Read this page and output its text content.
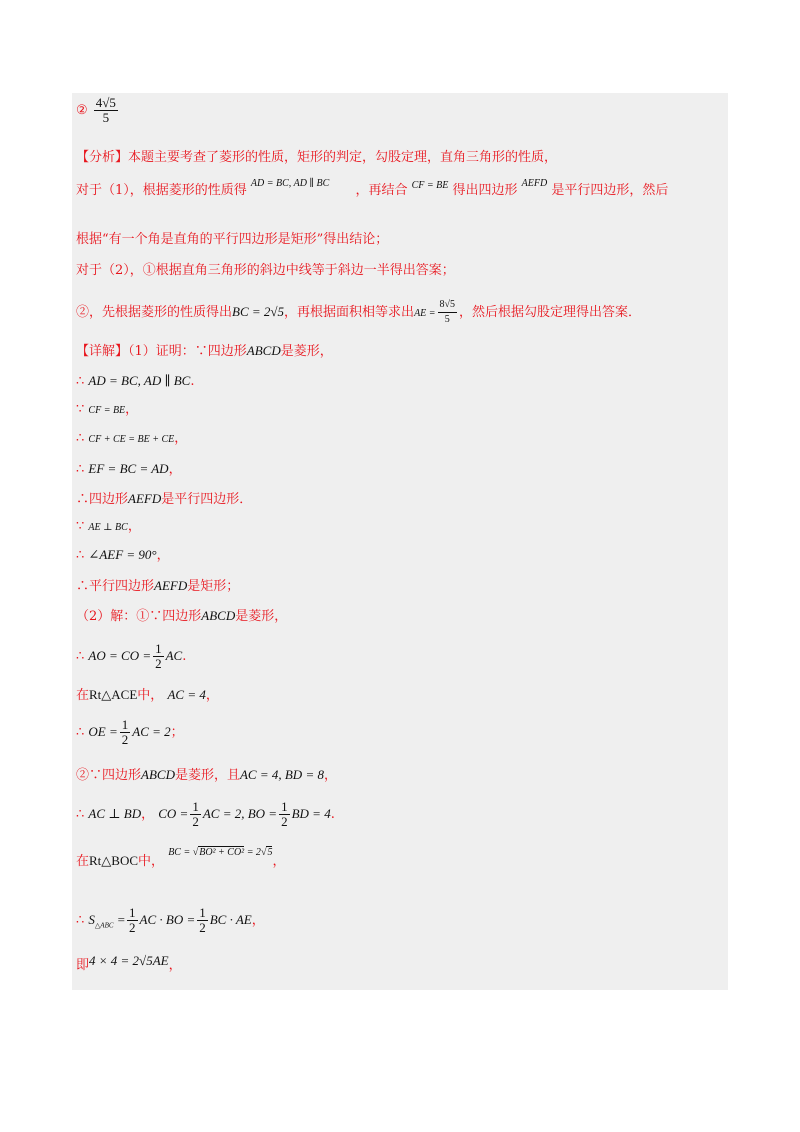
② $\frac{4√5}{5}$
【分析】本题主要考查了菱形的性质，矩形的判定，勾股定理，直角三角形的性质，
对于（1），根据菱形的性质得 $^{AD = BC, AD \parallel BC}$ ，再结合 $^{CF = BE}$ 得出四边形 $^{AEFD}$ 是平行四边形，然后
根据“有一个角是直角的平行四边形是矩形”得出结论；
对于（2），①根据直角三角形的斜边中线等于斜边一半得出答案；
②，先根据菱形的性质得出BC = 2√5，再根据面积相等求出AE = $\frac{8√5}{5}$ ，然后根据勾股定理得出答案．
【详解】（1）证明：∵四边形ABCD是菱形，
∴ AD = BC, AD ∥ BC.
∵ CF = BE，
∴ CF + CE = BE + CE，
∴ EF = BC = AD，
∴四边形AEFD是平行四边形．
∵ AE ⊥ BC，
∴ ∠AEF = 90°，
∴平行四边形AEFD是矩形；
（2）解：①∵四边形ABCD是菱形，
∴ AO = CO = $\frac{1}{2}$ AC.
在Rt△ACE中， AC = 4，
∴ OE = $\frac{1}{2}$ AC = 2；
②∵四边形ABCD是菱形，且AC = 4, BD = 8，
∴ AC ⊥ BD， CO = $\frac{1}{2}$ AC = 2, BO = $\frac{1}{2}$ BD = 4.
在Rt△BOC中， $^{BC = √BO^2 + CO^2 = 2√5}$，
∴ $S_{\triangle ABC} = \frac{1}{2}$ AC · BO = $\frac{1}{2}$ BC · AE，
即4 × 4 = 2√5AE，
